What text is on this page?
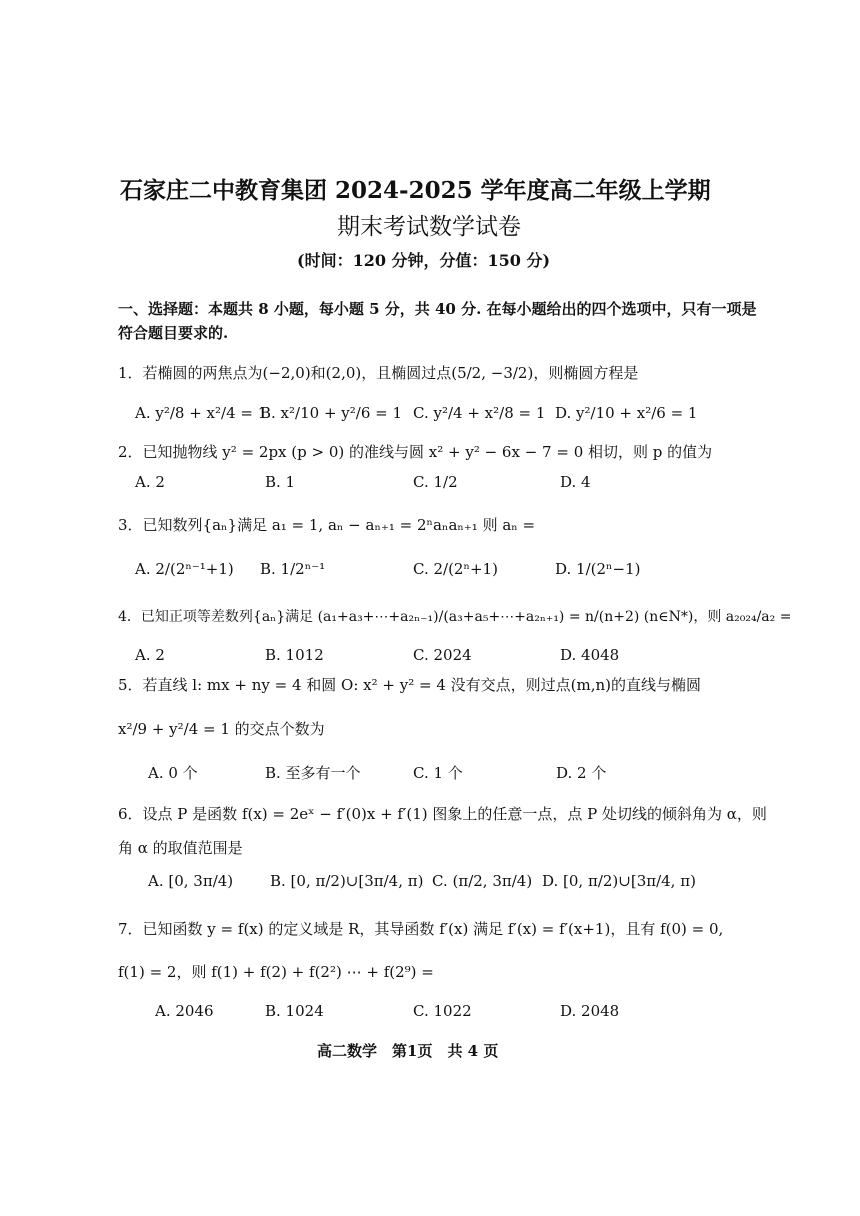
石家庄二中教育集团 2024-2025 学年度高二年级上学期
期末考试数学试卷
(时间：120 分钟，分值：150 分)
一、选择题：本题共 8 小题，每小题 5 分，共 40 分. 在每小题给出的四个选项中，只有一项是
符合题目要求的.
1．若椭圆的两焦点为(−2,0)和(2,0)，且椭圆过点(5/2, −3/2)，则椭圆方程是
A. y²/8 + x²/4 = 1
B. x²/10 + y²/6 = 1 C. y²/4 + x²/8 = 1 D. y²/10 + x²/6 = 1
2．已知抛物线 y² = 2px (p > 0) 的准线与圆 x² + y² − 6x − 7 = 0 相切，则 p 的值为
A. 2	B. 1	C. 1/2	D. 4
3．已知数列{aₙ}满足 a₁ = 1, aₙ − aₙ₊₁ = 2ⁿaₙaₙ₊₁ 则 aₙ =
A. 2/(2ⁿ⁻¹+1) B. 1/2ⁿ⁻¹	C. 2/(2ⁿ+1)	D. 1/(2ⁿ−1)
4．已知正项等差数列{aₙ}满足 (a₁+a₃+⋯+a₂ₙ₋₁)/(a₃+a₅+⋯+a₂ₙ₊₁) = n/(n+2) (n∈N*)，则 a₂₀₂₄/a₂ =
A. 2	B. 1012	C. 2024	D. 4048
5．若直线 l: mx + ny = 4 和圆 O: x² + y² = 4 没有交点，则过点(m,n)的直线与椭圆
x²/9 + y²/4 = 1 的交点个数为
A. 0 个	B. 至多有一个	C. 1 个	D. 2 个
6．设点 P 是函数 f(x) = 2eˣ − f′(0)x + f′(1) 图象上的任意一点，点 P 处切线的倾斜角为 α，则
角 α 的取值范围是
A. [0, 3π/4) B. [0, π/2)∪[3π/4, π) C. (π/2, 3π/4) D. [0, π/2)∪[3π/4, π)
7．已知函数 y = f(x) 的定义域是 R，其导函数 f′(x) 满足 f′(x) = f′(x+1)，且有 f(0) = 0,
f(1) = 2，则 f(1) + f(2) + f(2²) ⋯ + f(2⁹) =
A. 2046	B. 1024	C. 1022	D. 2048
高二数学　第1页　共 4 页
